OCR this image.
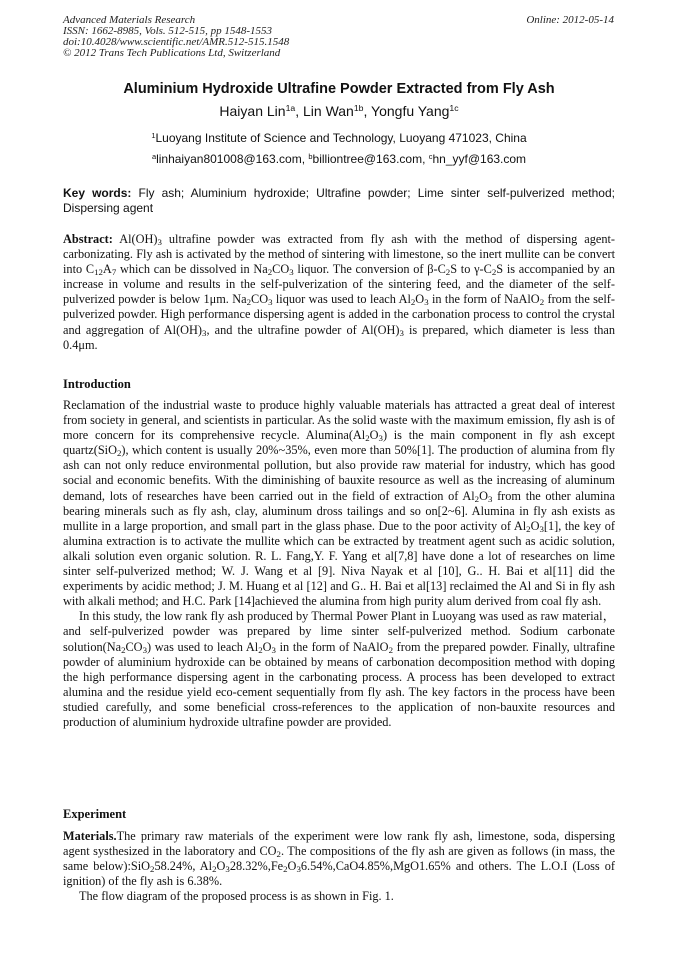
Advanced Materials Research
ISSN: 1662-8985, Vols. 512-515, pp 1548-1553
doi:10.4028/www.scientific.net/AMR.512-515.1548
© 2012 Trans Tech Publications Ltd, Switzerland
Online: 2012-05-14
Aluminium Hydroxide Ultrafine Powder Extracted from Fly Ash
Haiyan Lin$^{1a}$, Lin Wan$^{1b}$, Yongfu Yang$^{1c}$
$^1$Luoyang Institute of Science and Technology, Luoyang 471023, China
$^a$linhaiyan801008@163.com, $^b$billiontree@163.com, $^c$hn_yyf@163.com
Key words: Fly ash; Aluminium hydroxide; Ultrafine powder; Lime sinter self-pulverized method; Dispersing agent
Abstract: $Al(OH)_3$ ultrafine powder was extracted from fly ash with the method of dispersing agent-carbonizating. Fly ash is activated by the method of sintering with limestone, so the inert mullite can be convert into $C_{12}A_7$ which can be dissolved in $Na_2CO_3$ liquor. The conversion of $\beta-C_2S$ to $\gamma-C_2S$ is accompanied by an increase in volume and results in the self-pulverization of the sintering feed, and the diameter of the self-pulverized powder is below 1μm. $Na_2CO_3$ liquor was used to leach $Al_2O_3$ in the form of NaAlO$_2$ from the self-pulverized powder. High performance dispersing agent is added in the carbonation process to control the crystal and aggregation of $Al(OH)_3$, and the ultrafine powder of $Al(OH)_3$ is prepared, which diameter is less than 0.4μm.
Introduction

Reclamation of the industrial waste to produce highly valuable materials has attracted a great deal of interest from society in general, and scientists in particular. As the solid waste with the maximum emission, fly ash is of more concern for its comprehensive recycle. $Alumina(Al_2O_3)$ is the main component in fly ash except quartz(SiO$_2$), which content is usually 20%~35%, even more than 50%[1]. The production of alumina from fly ash can not only reduce environmental pollution, but also provide raw material for industry, which has good social and economic benefits. With the diminishing of bauxite resource as well as the increasing of aluminum demand, lots of researches have been carried out in the field of extraction of $Al_2O_3$ from the other alumina bearing minerals such as fly ash, clay, aluminum dross tailings and so on[2~6]. Alumina in fly ash exists as mullite in a large proportion, and small part in the glass phase. Due to the poor activity of $Al_2O_3[1]$, the key of alumina extraction is to activate the mullite which can be extracted by treatment agent such as acidic solution, alkali solution even organic solution. R. L. Fang,Y. F. Yang et al[7,8] have done a lot of researches on lime sinter self-pulverized method; W. J. Wang et al [9]. Niva Nayak et al [10], G.. H. Bai et al[11] did the experiments by acidic method; J. M. Huang et al [12] and G.. H. Bai et al[13] reclaimed the Al and Si in fly ash with alkali method; and H.C. Park [14]achieved the alumina from high purity alum derived from coal fly ash.

In this study, the low rank fly ash produced by Thermal Power Plant in Luoyang was used as raw material，and self-pulverized powder was prepared by lime sinter self-pulverized method. Sodium carbonate $solution(Na_2CO_3)$ was used to leach $Al_2O_3$ in the form of NaAlO$_2$ from the prepared powder. Finally, ultrafine powder of aluminium hydroxide can be obtained by means of carbonation decomposition method with doping the high performance dispersing agent in the carbonating process. A process has been developed to extract alumina and the residue yield eco-cement sequentially from fly ash. The key factors in the process have been studied carefully, and some beneficial cross-references to the application of non-bauxite resources and production of aluminium hydroxide ultrafine powder are provided.

Experiment

Materials.The primary raw materials of the experiment were low rank fly ash, limestone, soda, dispersing agent systhesized in the laboratory and $CO_2$. The compositions of the fly ash are given as follows (in mass, the same below):SiO$_2$58.24%, $Al_2O_328.32\%,Fe_2O_36.54\%,CaO4.85\%,MgO1.65\%$ and others. The L.O.I (Loss of ignition) of the fly ash is 6.38%.

The flow diagram of the proposed process is as shown in Fig. 1.
